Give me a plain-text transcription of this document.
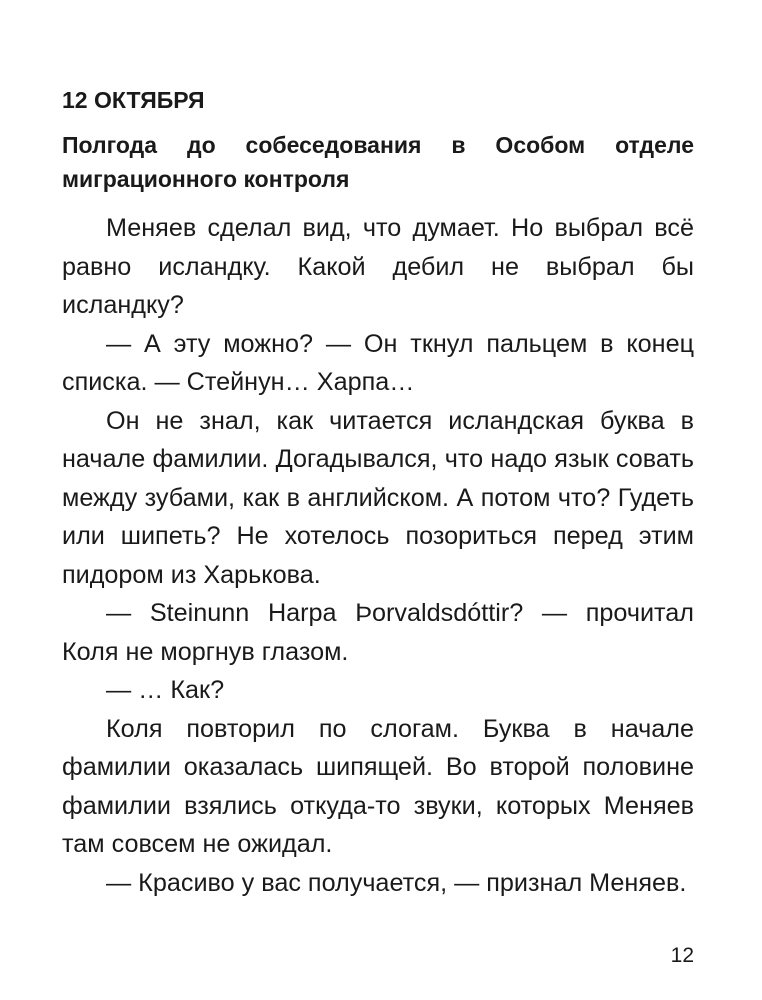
12 ОКТЯБРЯ
Полгода до собеседования в Особом отделе миграционного контроля

Меняев сделал вид, что думает. Но выбрал всё равно исландку. Какой дебил не выбрал бы исландку?

— А эту можно? — Он ткнул пальцем в конец списка. — Стейнун… Харпа…

Он не знал, как читается исландская буква в начале фамилии. Догадывался, что надо язык совать между зубами, как в английском. А потом что? Гудеть или шипеть? Не хотелось позориться перед этим пидором из Харькова.

— Steinunn Harpa Þorvaldsdóttir? — прочитал Коля не моргнув глазом.

— … Как?

Коля повторил по слогам. Буква в начале фамилии оказалась шипящей. Во второй половине фамилии взялись откуда-то звуки, которых Меняев там совсем не ожидал.

— Красиво у вас получается, — признал Меняев.

12
